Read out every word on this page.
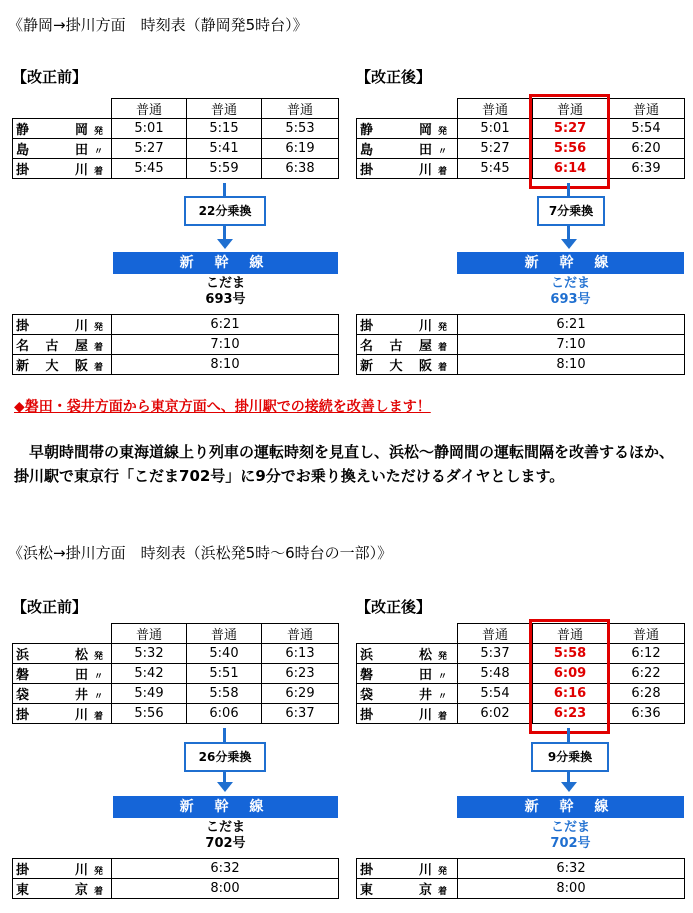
《静岡→掛川方面　時刻表（静岡発5時台）》
【改正前】	【改正後】
	普通	普通	普通
静岡 発	5:01	5:15	5:53
島田 〃	5:27	5:41	6:19
掛川 着	5:45	5:59	6:38
	普通	普通	普通
静岡 発	5:01	5:27	5:54
島田 〃	5:27	5:56	6:20
掛川 着	5:45	6:14	6:39
22分乗換	7分乗換
新 幹 線	新 幹 線
こだま
693号
こだま
693号
掛川 発	6:21
名古屋 着	7:10
新大阪 着	8:10
掛川 発	6:21
名古屋 着	7:10
新大阪 着	8:10
◆磐田・袋井方面から東京方面へ、掛川駅での接続を改善します！
早朝時間帯の東海道線上り列車の運転時刻を見直し、浜松～静岡間の運転間隔を改善するほか、掛川駅で東京行「こだま702号」に9分でお乗り換えいただけるダイヤとします。
《浜松→掛川方面　時刻表（浜松発5時～6時台の一部）》
【改正前】	【改正後】
	普通	普通	普通
浜松 発	5:32	5:40	6:13
磐田 〃	5:42	5:51	6:23
袋井 〃	5:49	5:58	6:29
掛川 着	5:56	6:06	6:37
	普通	普通	普通
浜松 発	5:37	5:58	6:12
磐田 〃	5:48	6:09	6:22
袋井 〃	5:54	6:16	6:28
掛川 着	6:02	6:23	6:36
26分乗換	9分乗換
新 幹 線	新 幹 線
こだま
702号
こだま
702号
掛川 発	6:32
東京 着	8:00
掛川 発	6:32
東京 着	8:00
